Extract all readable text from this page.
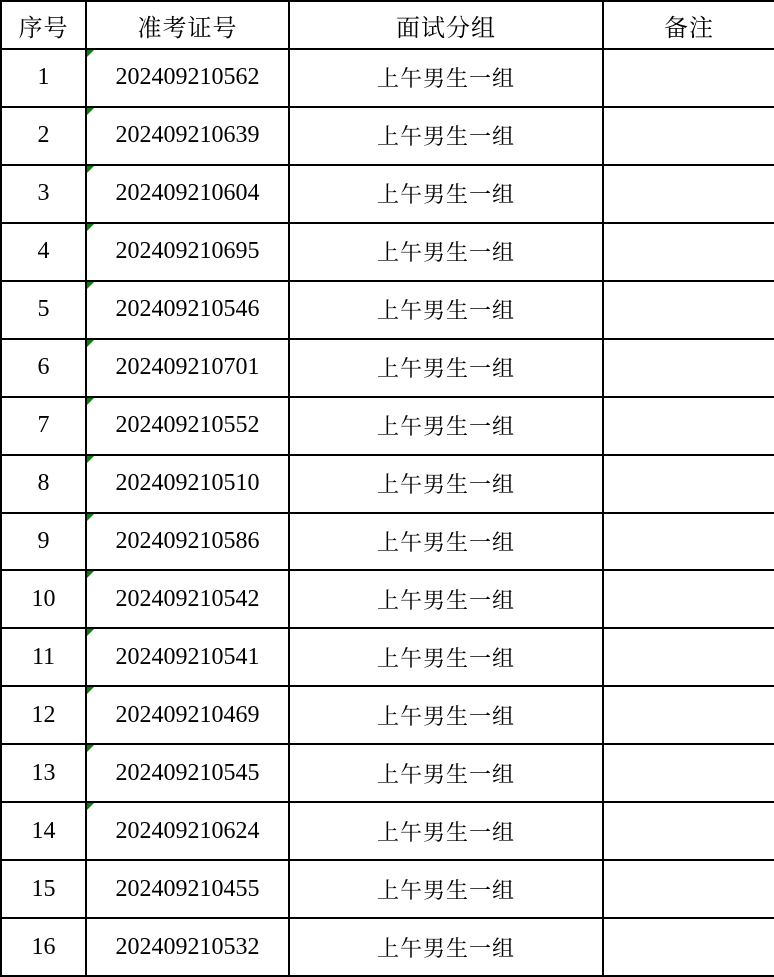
序号	准考证号	面试分组	备注
1	202409210562	上午男生一组	
2	202409210639	上午男生一组	
3	202409210604	上午男生一组	
4	202409210695	上午男生一组	
5	202409210546	上午男生一组	
6	202409210701	上午男生一组	
7	202409210552	上午男生一组	
8	202409210510	上午男生一组	
9	202409210586	上午男生一组	
10	202409210542	上午男生一组	
11	202409210541	上午男生一组	
12	202409210469	上午男生一组	
13	202409210545	上午男生一组	
14	202409210624	上午男生一组	
15	202409210455	上午男生一组	
16	202409210532	上午男生一组	
